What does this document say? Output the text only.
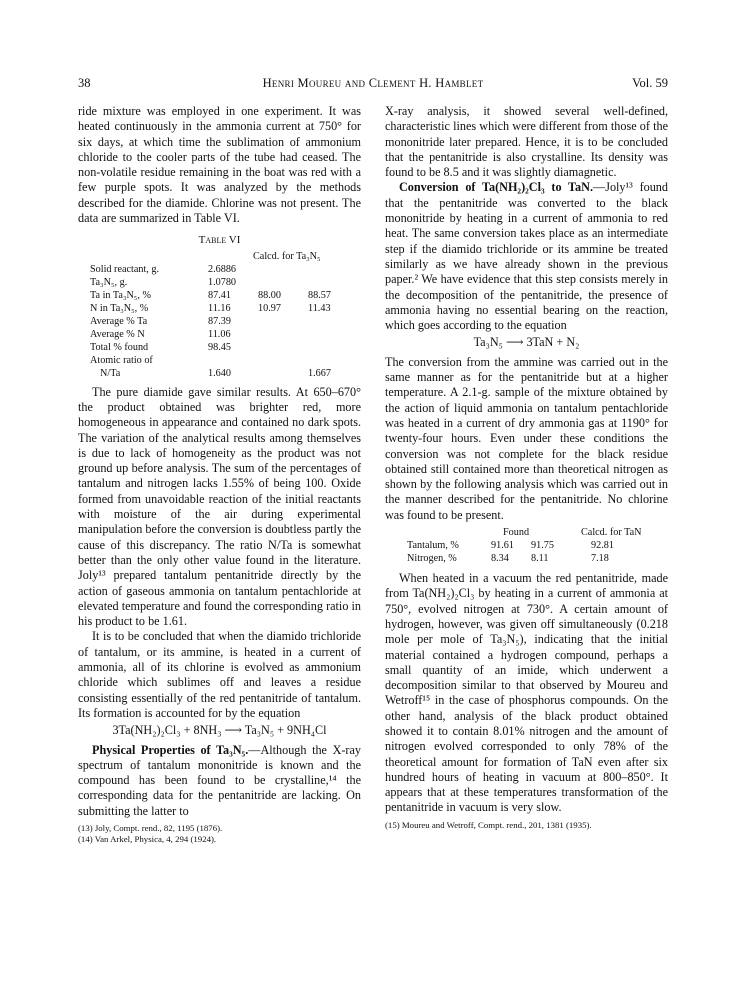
38	Henri Moureu and Clement H. Hamblet	Vol. 59

ride mixture was employed in one experiment. It was heated continuously in the ammonia current at 750° for six days, at which time the sublimation of ammonium chloride to the cooler parts of the tube had ceased. The non-volatile residue remaining in the boat was red with a few purple spots. It was analyzed by the methods described for the diamide. Chlorine was not present. The data are summarized in Table VI.

Table VI
Calcd. for Ta₃N₅
Solid reactant, g.	2.6886
Ta₃N₅, g.	1.0780
Ta in Ta₃N₅, %	87.41	88.00	88.57
N in Ta₃N₅, %	11.16	10.97	11.43
Average % Ta	87.39
Average % N	11.06
Total % found	98.45
Atomic ratio of
N/Ta	1.640	1.667

The pure diamide gave similar results. At 650–670° the product obtained was brighter red, more homogeneous in appearance and contained no dark spots. The variation of the analytical results among themselves is due to lack of homogeneity as the product was not ground up before analysis. The sum of the percentages of tantalum and nitrogen lacks 1.55% of being 100. Oxide formed from unavoidable reaction of the initial reactants with moisture of the air during experimental manipulation before the conversion is doubtless partly the cause of this discrepancy. The ratio N/Ta is somewhat better than the only other value found in the literature. Joly¹³ prepared tantalum pentanitride directly by the action of gaseous ammonia on tantalum pentachloride at elevated temperature and found the corresponding ratio in his product to be 1.61.

It is to be concluded that when the diamido trichloride of tantalum, or its ammine, is heated in a current of ammonia, all of its chlorine is evolved as ammonium chloride which sublimes off and leaves a residue consisting essentially of the red pentanitride of tantalum. Its formation is accounted for by the equation

3Ta(NH₂)₂Cl₃ + 8NH₃ ⟶ Ta₃N₅ + 9NH₄Cl

Physical Properties of Ta₃N₅.—Although the X-ray spectrum of tantalum mononitride is known and the compound has been found to be crystalline,¹⁴ the corresponding data for the pentanitride are lacking. On submitting the latter to

(13) Joly, Compt. rend., 82, 1195 (1876).
(14) Van Arkel, Physica, 4, 294 (1924).

X-ray analysis, it showed several well-defined, characteristic lines which were different from those of the mononitride later prepared. Hence, it is to be concluded that the pentanitride is also crystalline. Its density was found to be 8.5 and it was slightly diamagnetic.

Conversion of Ta(NH₂)₂Cl₃ to TaN.—Joly¹³ found that the pentanitride was converted to the black mononitride by heating in a current of ammonia to red heat. The same conversion takes place as an intermediate step if the diamido trichloride or its ammine be treated similarly as we have already shown in the previous paper.² We have evidence that this step consists merely in the decomposition of the pentanitride, the presence of ammonia having no essential bearing on the reaction, which goes according to the equation

Ta₃N₅ ⟶ 3TaN + N₂

The conversion from the ammine was carried out in the same manner as for the pentanitride but at a higher temperature. A 2.1-g. sample of the mixture obtained by the action of liquid ammonia on tantalum pentachloride was heated in a current of dry ammonia gas at 1190° for twenty-four hours. Even under these conditions the conversion was not complete for the black residue obtained still contained more than theoretical nitrogen as shown by the following analysis which was carried out in the manner described for the pentanitride. No chlorine was found to be present.

Found	Calcd. for TaN
Tantalum, %	91.61 91.75	92.81
Nitrogen, %	8.34 8.11	7.18

When heated in a vacuum the red pentanitride, made from Ta(NH₂)₂Cl₃ by heating in a current of ammonia at 750°, evolved nitrogen at 730°. A certain amount of hydrogen, however, was given off simultaneously (0.218 mole per mole of Ta₃N₅), indicating that the initial material contained a hydrogen compound, perhaps a small quantity of an imide, which underwent a decomposition similar to that observed by Moureu and Wetroff¹⁵ in the case of phosphorus compounds. On the other hand, analysis of the black product obtained showed it to contain 8.01% nitrogen and the amount of nitrogen evolved corresponded to only 78% of the theoretical amount for formation of TaN even after six hundred hours of heating in vacuum at 800–850°. It appears that at these temperatures transformation of the pentanitride in vacuum is very slow.

(15) Moureu and Wetroff, Compt. rend., 201, 1381 (1935).
